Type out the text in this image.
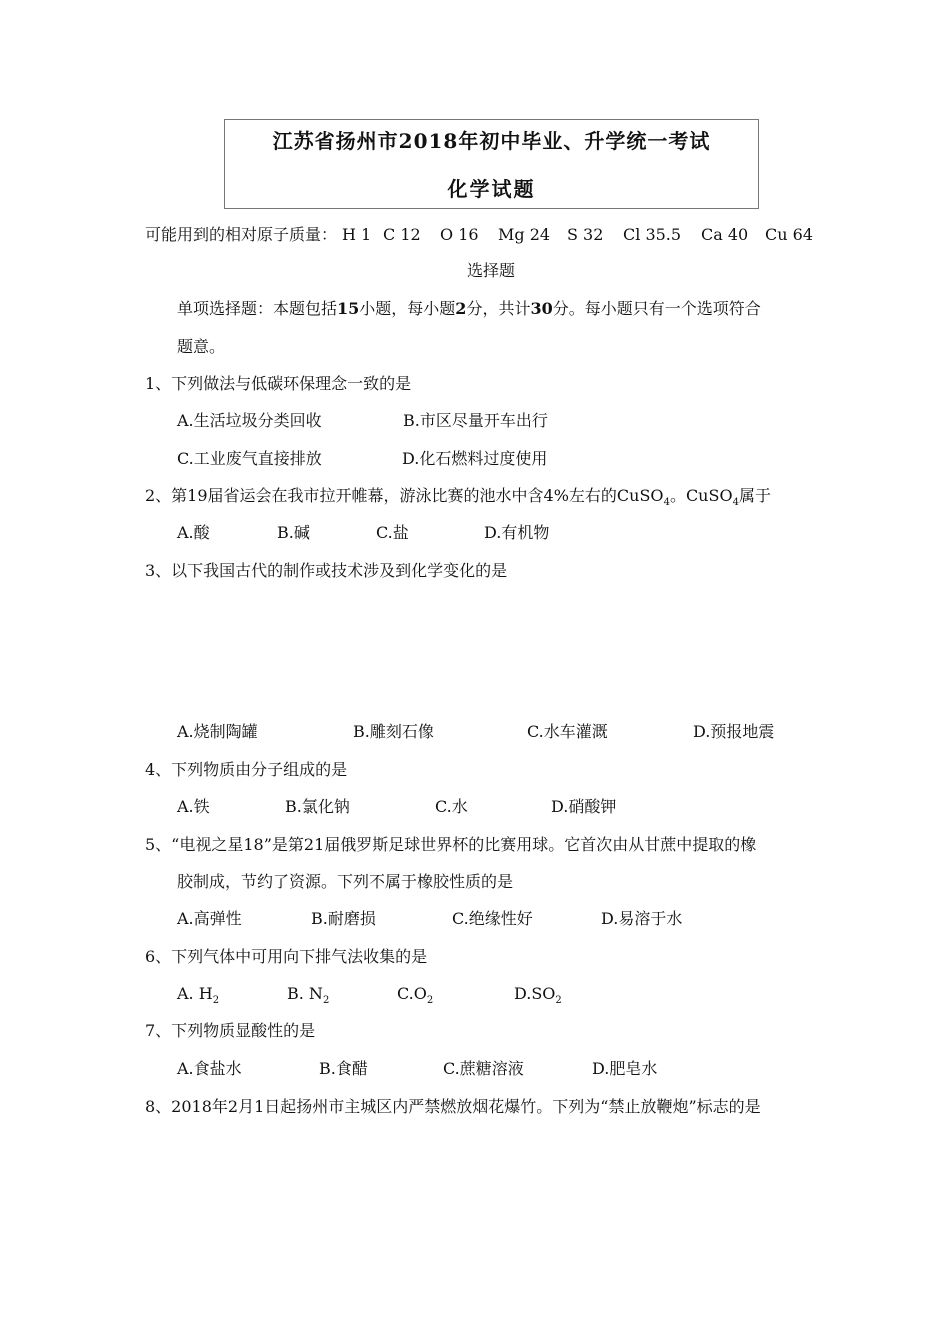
江苏省扬州市2018年初中毕业、升学统一考试
化学试题
可能用到的相对原子质量： H 1 C 12 O 16 Mg 24 S 32 Cl 35.5 Ca 40 Cu 64
选择题
单项选择题：本题包括15小题，每小题2分，共计30分。每小题只有一个选项符合
题意。
1、下列做法与低碳环保理念一致的是
A.生活垃圾分类回收	B.市区尽量开车出行
C.工业废气直接排放	D.化石燃料过度使用
2、第19届省运会在我市拉开帷幕，游泳比赛的池水中含4%左右的CuSO$_4$。CuSO$_4$属于
A.酸	B.碱	C.盐	D.有机物
3、以下我国古代的制作或技术涉及到化学变化的是
A.烧制陶罐	B.雕刻石像	C.水车灌溉	D.预报地震
4、下列物质由分子组成的是
A.铁	B.氯化钠	C.水	D.硝酸钾
5、“电视之星18”是第21届俄罗斯足球世界杯的比赛用球。它首次由从甘蔗中提取的橡
胶制成，节约了资源。下列不属于橡胶性质的是
A.高弹性	B.耐磨损	C.绝缘性好	D.易溶于水
6、下列气体中可用向下排气法收集的是
A. $H_2$	B. $N_2$	$C.O_2$	$D.SO_2$
7、下列物质显酸性的是
A.食盐水	B.食醋	C.蔗糖溶液	D.肥皂水
8、2018年2月1日起扬州市主城区内严禁燃放烟花爆竹。下列为“禁止放鞭炮”标志的是
